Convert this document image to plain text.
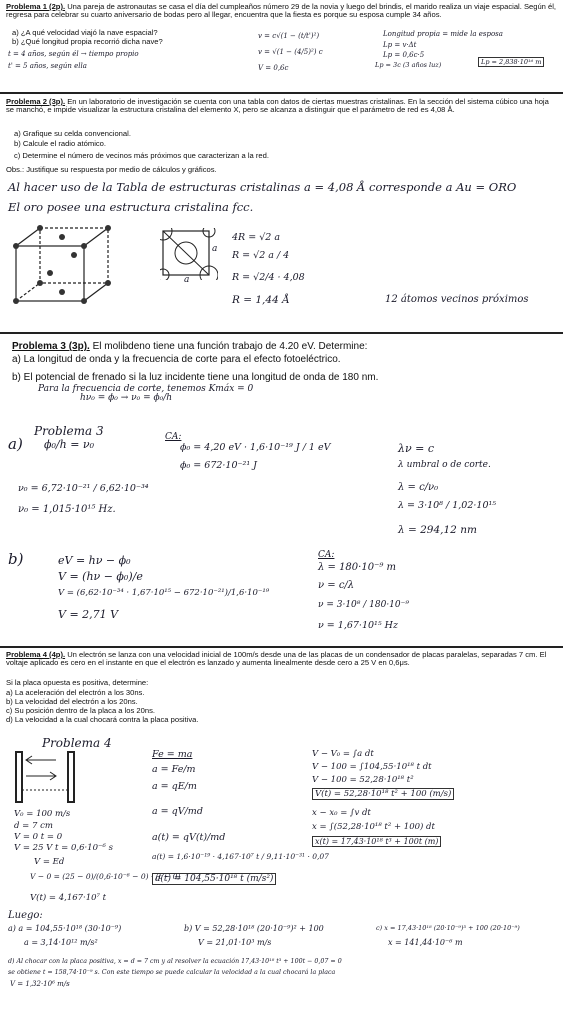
Problema 1 (2p). Una pareja de astronautas se casa el día del cumpleaños número 29 de la novia y luego del brindis, el marido realiza un viaje espacial. Según él, regresa para celebrar su cuarto aniversario de bodas pero al llegar, encuentra que la fiesta es porque su esposa cumple 34 años.
a) ¿A qué velocidad viajó la nave espacial?
b) ¿Qué longitud propia recorrió dicha nave?
t = 4 años, según él → tiempo propio
t' = 5 años, según ella
v = c√(1 − (t/t')²)
v = √(1 − (4/5)²) c
V = 0,6c
Longitud propia = mide la esposa
Lp = v·Δt
Lp = 0,6c·5
Lp = 3c (3 años luz)	Lp = 2,838·10¹⁶ m
Problema 2 (3p). En un laboratorio de investigación se cuenta con una tabla con datos de ciertas muestras cristalinas. En la sección del sistema cúbico una hoja se manchó, e impide visualizar la estructura cristalina del elemento X, pero se alcanza a distinguir que el parámetro de red es 4,08 Å.
a) Grafique su celda convencional.
b) Calcule el radio atómico.
c) Determine el número de vecinos más próximos que caracterizan a la red.
Obs.: Justifique su respuesta por medio de cálculos y gráficos.
Al hacer uso de la Tabla de estructuras cristalinas a = 4,08 Å corresponde a Au = ORO
El oro posee una estructura cristalina fcc.
a
a
4R = √2 a
R = √2 a / 4
R = √2/4 · 4,08
R = 1,44 Å	12 átomos vecinos próximos
Problema 3 (3p). El molibdeno tiene una función trabajo de 4.20 eV. Determine:
a) La longitud de onda y la frecuencia de corte para el efecto fotoeléctrico.
b) El potencial de frenado si la luz incidente tiene una longitud de onda de 180 nm.
Para la frecuencia de corte, tenemos Kmáx = 0
hν₀ = ϕ₀ → ν₀ = ϕ₀/h
Problema 3
a) ϕ₀/h = ν₀
CA:
ϕ₀ = 4,20 eV · 1,6·10⁻¹⁹ J / 1 eV
ϕ₀ = 672·10⁻²¹ J
ν₀ = 6,72·10⁻²¹ / 6,62·10⁻³⁴
ν₀ = 1,015·10¹⁵ Hz.
λν = c
λ umbral o de corte.
λ = c/ν₀
λ = 3·10⁸ / 1,02·10¹⁵
λ = 294,12 nm
b)	eV = hν − ϕ₀
V = (hν − ϕ₀)/e
V = (6,62·10⁻³⁴ · 1,67·10¹⁵ − 672·10⁻²¹)/1,6·10⁻¹⁹
V = 2,71 V
CA:
λ = 180·10⁻⁹ m
ν = c/λ
ν = 3·10⁸ / 180·10⁻⁹
ν = 1,67·10¹⁵ Hz
Problema 4 (4p). Un electrón se lanza con una velocidad inicial de 100m/s desde una de las placas de un condensador de placas paralelas, separadas 7 cm. El voltaje aplicado es cero en el instante en que el electrón es lanzado y aumenta linealmente desde cero a 25 V en 0,6μs.
Si la placa opuesta es positiva, determine:
a) La aceleración del electrón a los 30ns.
b) La velocidad del electrón a los 20ns.
c) Su posición dentro de la placa a los 20ns.
d) La velocidad a la cual chocará contra la placa positiva.
Problema 4
V₀ = 100 m/s
d = 7 cm
V = 0 t = 0
V = 25 V t = 0,6·10⁻⁶ s
V = Ed
V − 0 = (25 − 0)/(0,6·10⁻⁶ − 0) · (t − 0)
V(t) = 4,167·10⁷ t
Fe = ma
a = Fe/m
a = qE/m
a = qV/md
a(t) = qV(t)/md
a(t) = 1,6·10⁻¹⁹ · 4,167·10⁷ t / 9,11·10⁻³¹ · 0,07
a(t) = 104,55·10¹⁸ t (m/s²)
V − V₀ = ∫a dt
V − 100 = ∫104,55·10¹⁸ t dt
V − 100 = 52,28·10¹⁸ t²
V(t) = 52,28·10¹⁸ t² + 100 (m/s)
x − x₀ = ∫v dt
x = ∫(52,28·10¹⁸ t² + 100) dt
x(t) = 17,43·10¹⁸ t³ + 100t (m)
Luego:
a) a = 104,55·10¹⁸ (30·10⁻⁹)
a = 3,14·10¹² m/s²
b) V = 52,28·10¹⁸ (20·10⁻⁹)² + 100
V = 21,01·10³ m/s
c) x = 17,43·10¹⁸ (20·10⁻⁹)³ + 100 (20·10⁻⁹)
x = 141,44·10⁻⁶ m
d) Al chocar con la placa positiva, x = d = 7 cm y al resolver la ecuación 17,43·10¹⁸ t³ + 100t − 0,07 = 0
se obtiene t = 158,74·10⁻⁹ s. Con este tiempo se puede calcular la velocidad a la cual chocará la placa
V = 1,32·10⁶ m/s
